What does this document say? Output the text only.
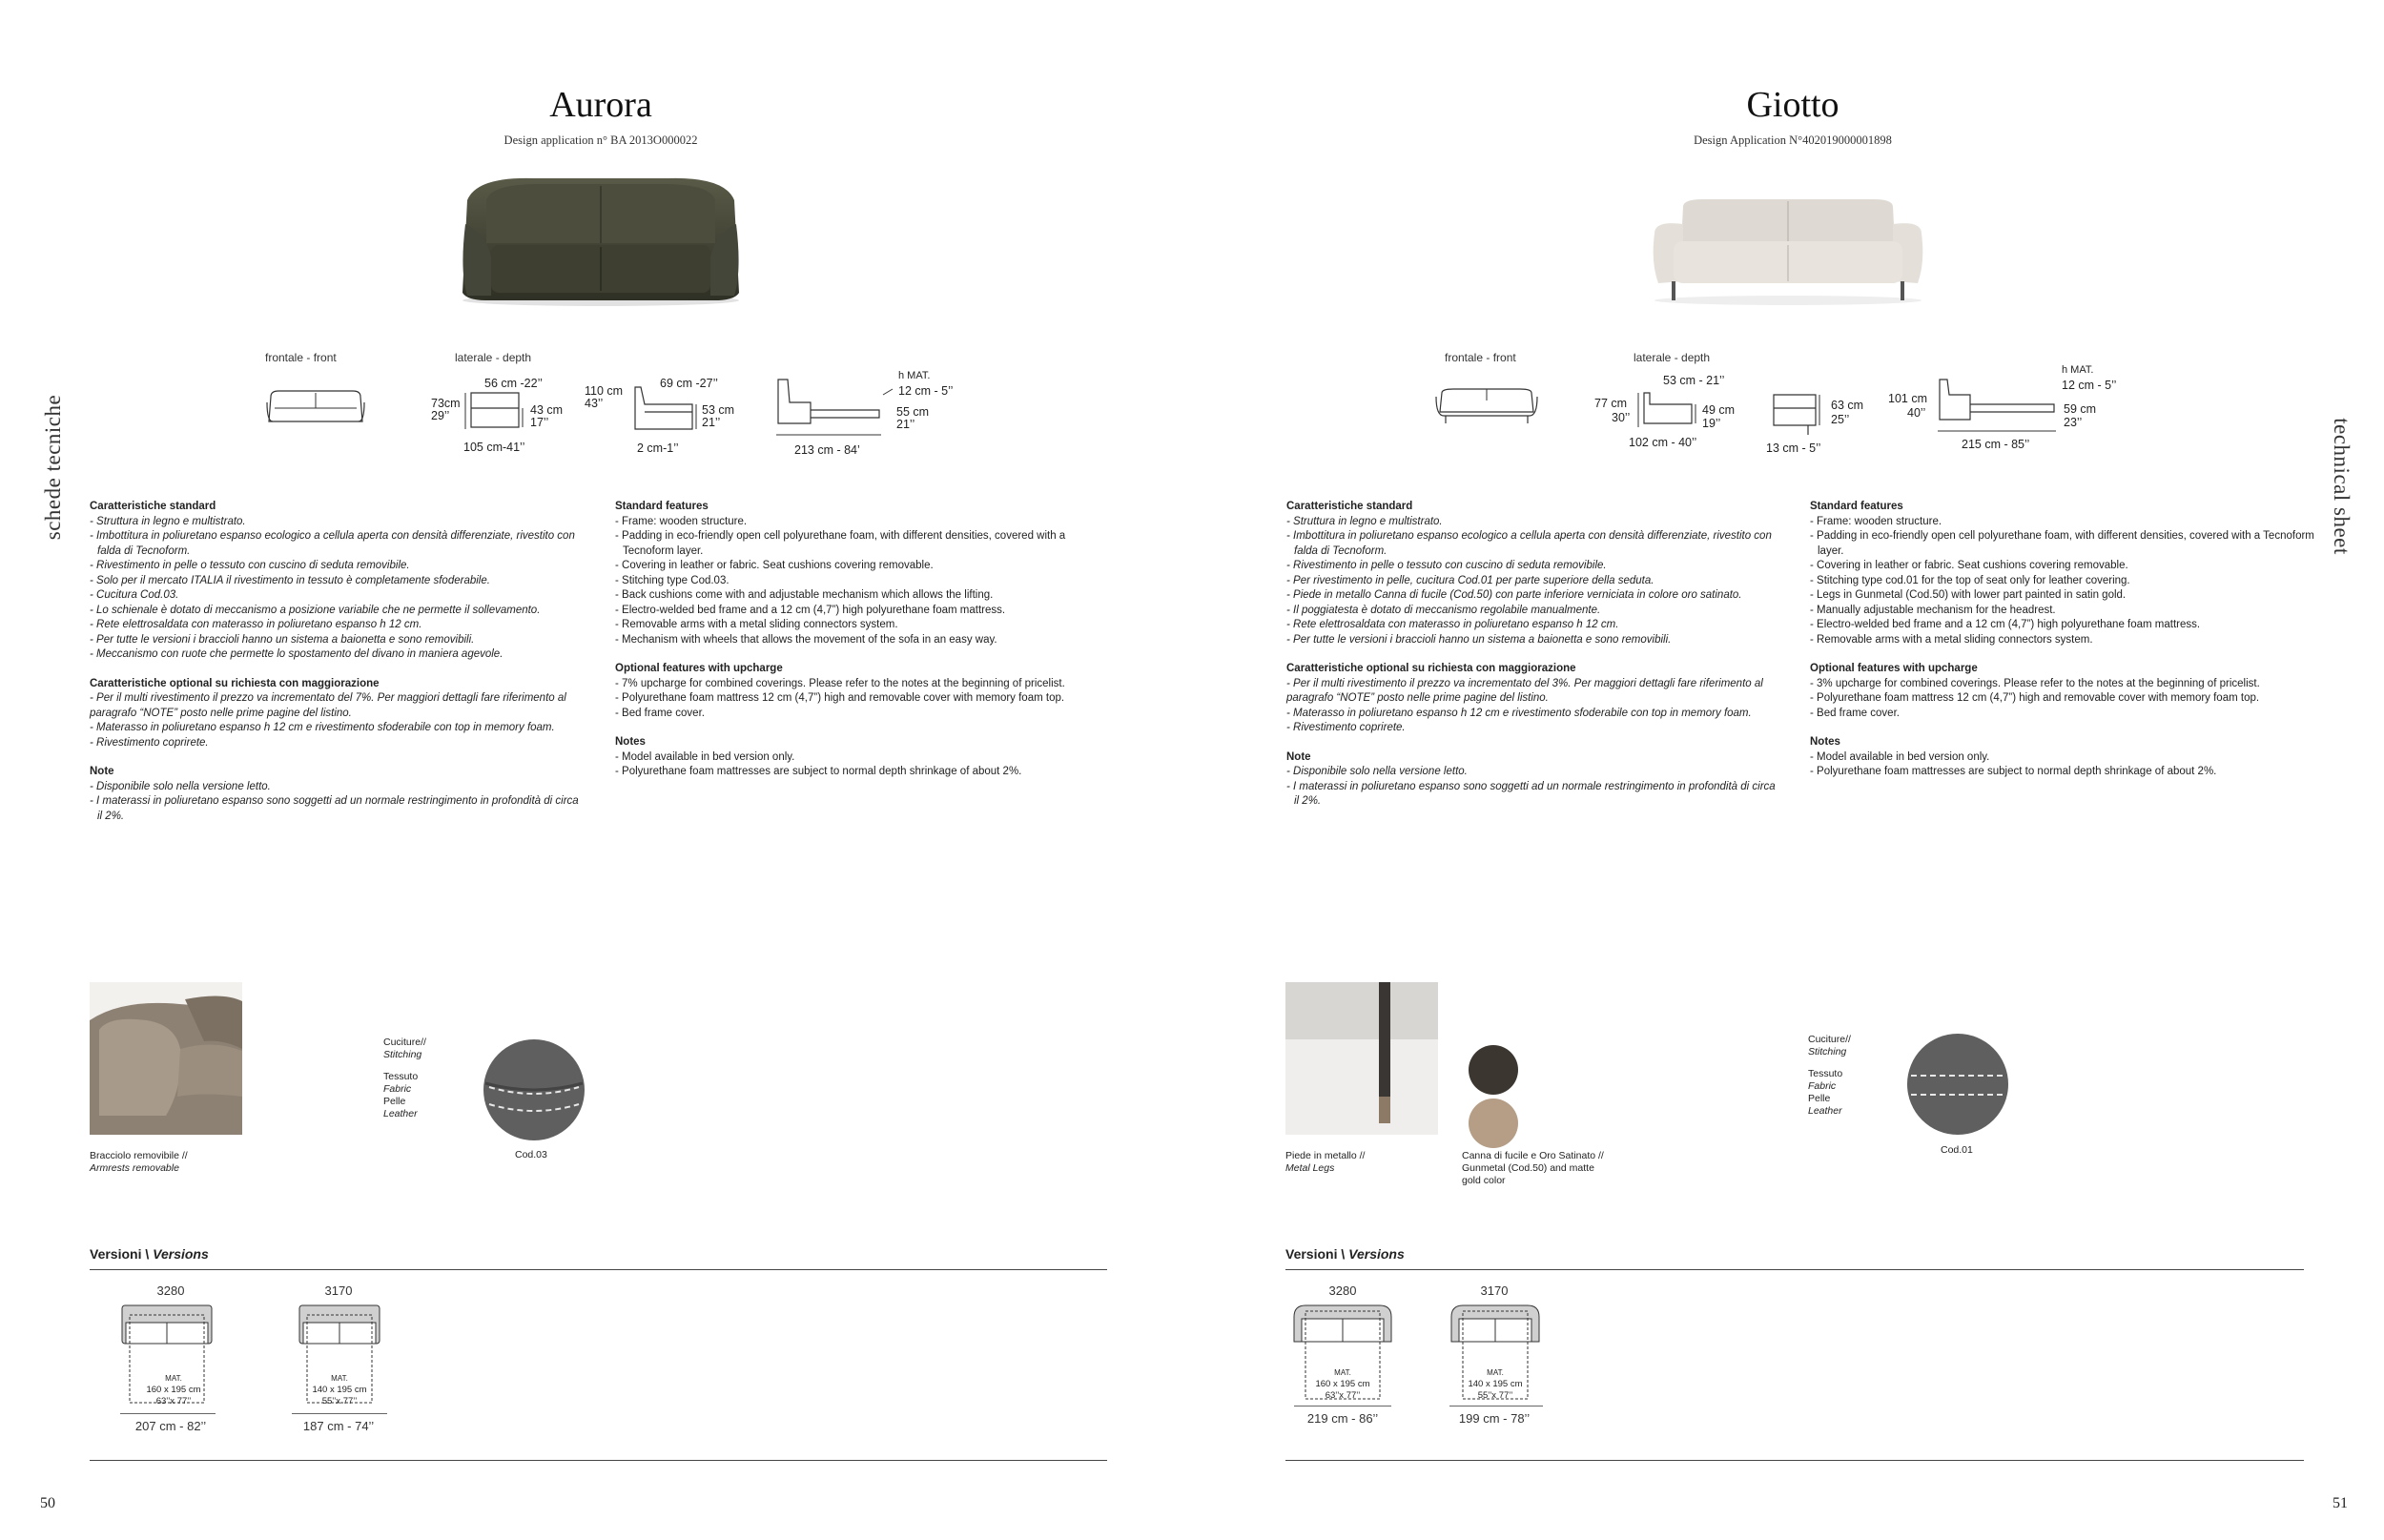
schede tecniche	technical sheet
50	51
Aurora
Design application n° BA 2013O000022
frontale - front	laterale - depth
73cm
29’’
56 cm -22’’
43 cm
17’’
105 cm-41’’
110 cm
43’’
69 cm -27’’
53 cm
21’’
2 cm-1’’
h MAT.
12 cm - 5’’
55 cm
21’’
213 cm - 84’
Caratteristiche standard
- Struttura in legno e multistrato.
- Imbottitura in poliuretano espanso ecologico a cellula aperta con densità differenziate, rivestito con falda di Tecnoform.
- Rivestimento in pelle o tessuto con cuscino di seduta removibile.
- Solo per il mercato ITALIA il rivestimento in tessuto è completamente sfoderabile.
- Cucitura Cod.03.
- Lo schienale è dotato di meccanismo a posizione variabile che ne permette il sollevamento.
- Rete elettrosaldata con materasso in poliuretano espanso h 12 cm.
- Per tutte le versioni i braccioli hanno un sistema a baionetta e sono removibili.
- Meccanismo con ruote che permette lo spostamento del divano in maniera agevole.
Caratteristiche optional su richiesta con maggiorazione
- Per il multi rivestimento il prezzo va incrementato del 7%. Per maggiori dettagli fare riferimento al paragrafo “NOTE” posto nelle prime pagine del listino.
- Materasso in poliuretano espanso h 12 cm e rivestimento sfoderabile con top in memory foam.
- Rivestimento coprirete.
Note
- Disponibile solo nella versione letto.
- I materassi in poliuretano espanso sono soggetti ad un normale restringimento in profondità di circa il 2%.
Standard features
- Frame: wooden structure.
- Padding in eco-friendly open cell polyurethane foam, with different densities, covered with a Tecnoform layer.
- Covering in leather or fabric. Seat cushions covering removable.
- Stitching type Cod.03.
- Back cushions come with and adjustable mechanism which allows the lifting.
- Electro-welded bed frame and a 12 cm (4,7”) high polyurethane foam mattress.
- Removable arms with a metal sliding connectors system.
- Mechanism with wheels that allows the movement of the sofa in an easy way.
Optional features with upcharge
- 7% upcharge for combined coverings. Please refer to the notes at the beginning of pricelist.
- Polyurethane foam mattress 12 cm (4,7”) high and removable cover with memory foam top.
- Bed frame cover.
Notes
- Model available in bed version only.
- Polyurethane foam mattresses are subject to normal depth shrinkage of about 2%.
Bracciolo removibile //
Armrests removable
Cuciture//
Stitching
Tessuto
Fabric
Pelle
Leather
Cod.03
Versioni \ Versions
3280
MAT.
160 x 195 cm
63’’x 77’’
207 cm - 82’’
3170
MAT.
140 x 195 cm
55’’x 77’’
187 cm - 74’’
Giotto
Design Application N°402019000001898
frontale - front	laterale - depth
77 cm
30’’
53 cm - 21’’
49 cm
19’’
102 cm - 40’’
63 cm
25’’
13 cm - 5’’
101 cm
40’’
h MAT.
12 cm - 5’’
59 cm
23’’
215 cm - 85’’
Caratteristiche standard
- Struttura in legno e multistrato.
- Imbottitura in poliuretano espanso ecologico a cellula aperta con densità differenziate, rivestito con falda di Tecnoform.
- Rivestimento in pelle o tessuto con cuscino di seduta removibile.
- Per rivestimento in pelle, cucitura Cod.01 per parte superiore della seduta.
- Piede in metallo Canna di fucile (Cod.50) con parte inferiore verniciata in colore oro satinato.
- Il poggiatesta è dotato di meccanismo regolabile manualmente.
- Rete elettrosaldata con materasso in poliuretano espanso h 12 cm.
- Per tutte le versioni i braccioli hanno un sistema a baionetta e sono removibili.
Caratteristiche optional su richiesta con maggiorazione
- Per il multi rivestimento il prezzo va incrementato del 3%. Per maggiori dettagli fare riferimento al paragrafo “NOTE” posto nelle prime pagine del listino.
- Materasso in poliuretano espanso h 12 cm e rivestimento sfoderabile con top in memory foam.
- Rivestimento coprirete.
Note
- Disponibile solo nella versione letto.
- I materassi in poliuretano espanso sono soggetti ad un normale restringimento in profondità di circa il 2%.
Standard features
- Frame: wooden structure.
- Padding in eco-friendly open cell polyurethane foam, with different densities, covered with a Tecnoform layer.
- Covering in leather or fabric. Seat cushions covering removable.
- Stitching type cod.01 for the top of seat only for leather covering.
- Legs in Gunmetal (Cod.50) with lower part painted in satin gold.
- Manually adjustable mechanism for the headrest.
- Electro-welded bed frame and a 12 cm (4,7”) high polyurethane foam mattress.
- Removable arms with a metal sliding connectors system.
Optional features with upcharge
- 3% upcharge for combined coverings. Please refer to the notes at the beginning of pricelist.
- Polyurethane foam mattress 12 cm (4,7”) high and removable cover with memory foam top.
- Bed frame cover.
Notes
- Model available in bed version only.
- Polyurethane foam mattresses are subject to normal depth shrinkage of about 2%.
Piede in metallo //
Metal Legs
Canna di fucile e Oro Satinato //
Gunmetal (Cod.50) and matte
gold color
Cuciture//
Stitching
Tessuto
Fabric
Pelle
Leather
Cod.01
Versioni \ Versions
3280
MAT.
160 x 195 cm
63’’x 77’’
219 cm - 86’’
3170
MAT.
140 x 195 cm
55’’x 77’’
199 cm - 78’’
